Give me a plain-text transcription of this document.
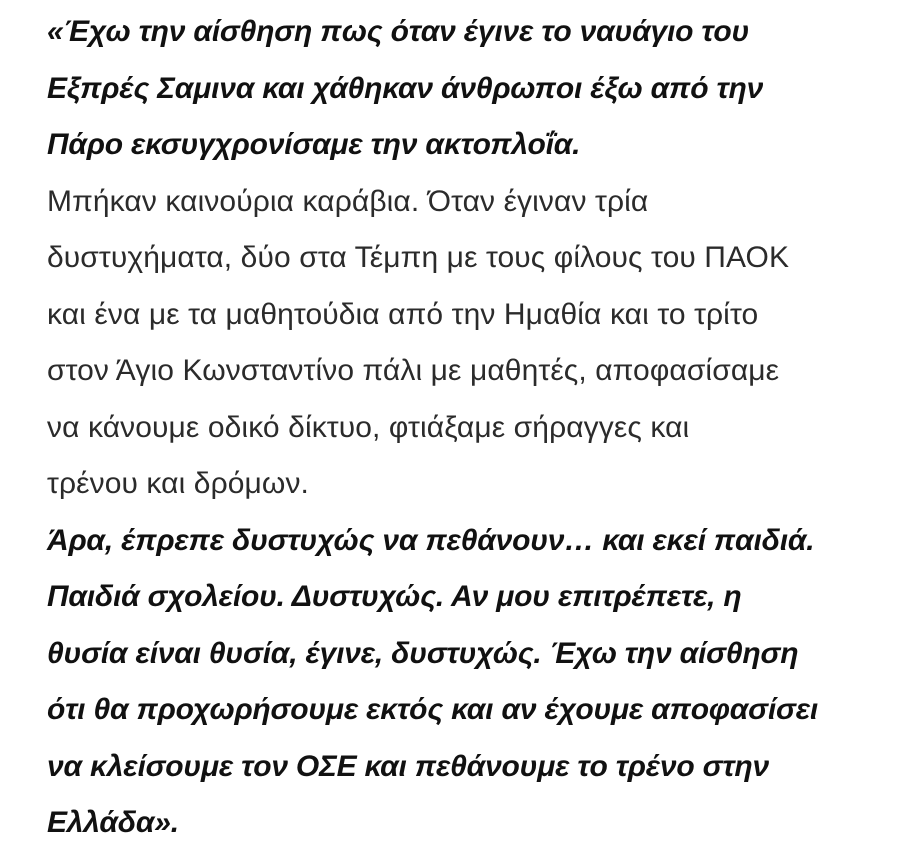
«Έχω την αίσθηση πως όταν έγινε το ναυάγιο του
Εξπρές Σαμινα και χάθηκαν άνθρωποι έξω από την
Πάρο εκσυγχρονίσαμε την ακτοπλοΐα.
Μπήκαν καινούρια καράβια. Όταν έγιναν τρία
δυστυχήματα, δύο στα Τέμπη με τους φίλους του ΠΑΟΚ
και ένα με τα μαθητούδια από την Ημαθία και το τρίτο
στον Άγιο Κωνσταντίνο πάλι με μαθητές, αποφασίσαμε
να κάνουμε οδικό δίκτυο, φτιάξαμε σήραγγες και
τρένου και δρόμων.
Άρα, έπρεπε δυστυχώς να πεθάνουν… και εκεί παιδιά.
Παιδιά σχολείου. Δυστυχώς. Αν μου επιτρέπετε, η
θυσία είναι θυσία, έγινε, δυστυχώς. Έχω την αίσθηση
ότι θα προχωρήσουμε εκτός και αν έχουμε αποφασίσει
να κλείσουμε τον ΟΣΕ και πεθάνουμε το τρένο στην
Ελλάδα».
